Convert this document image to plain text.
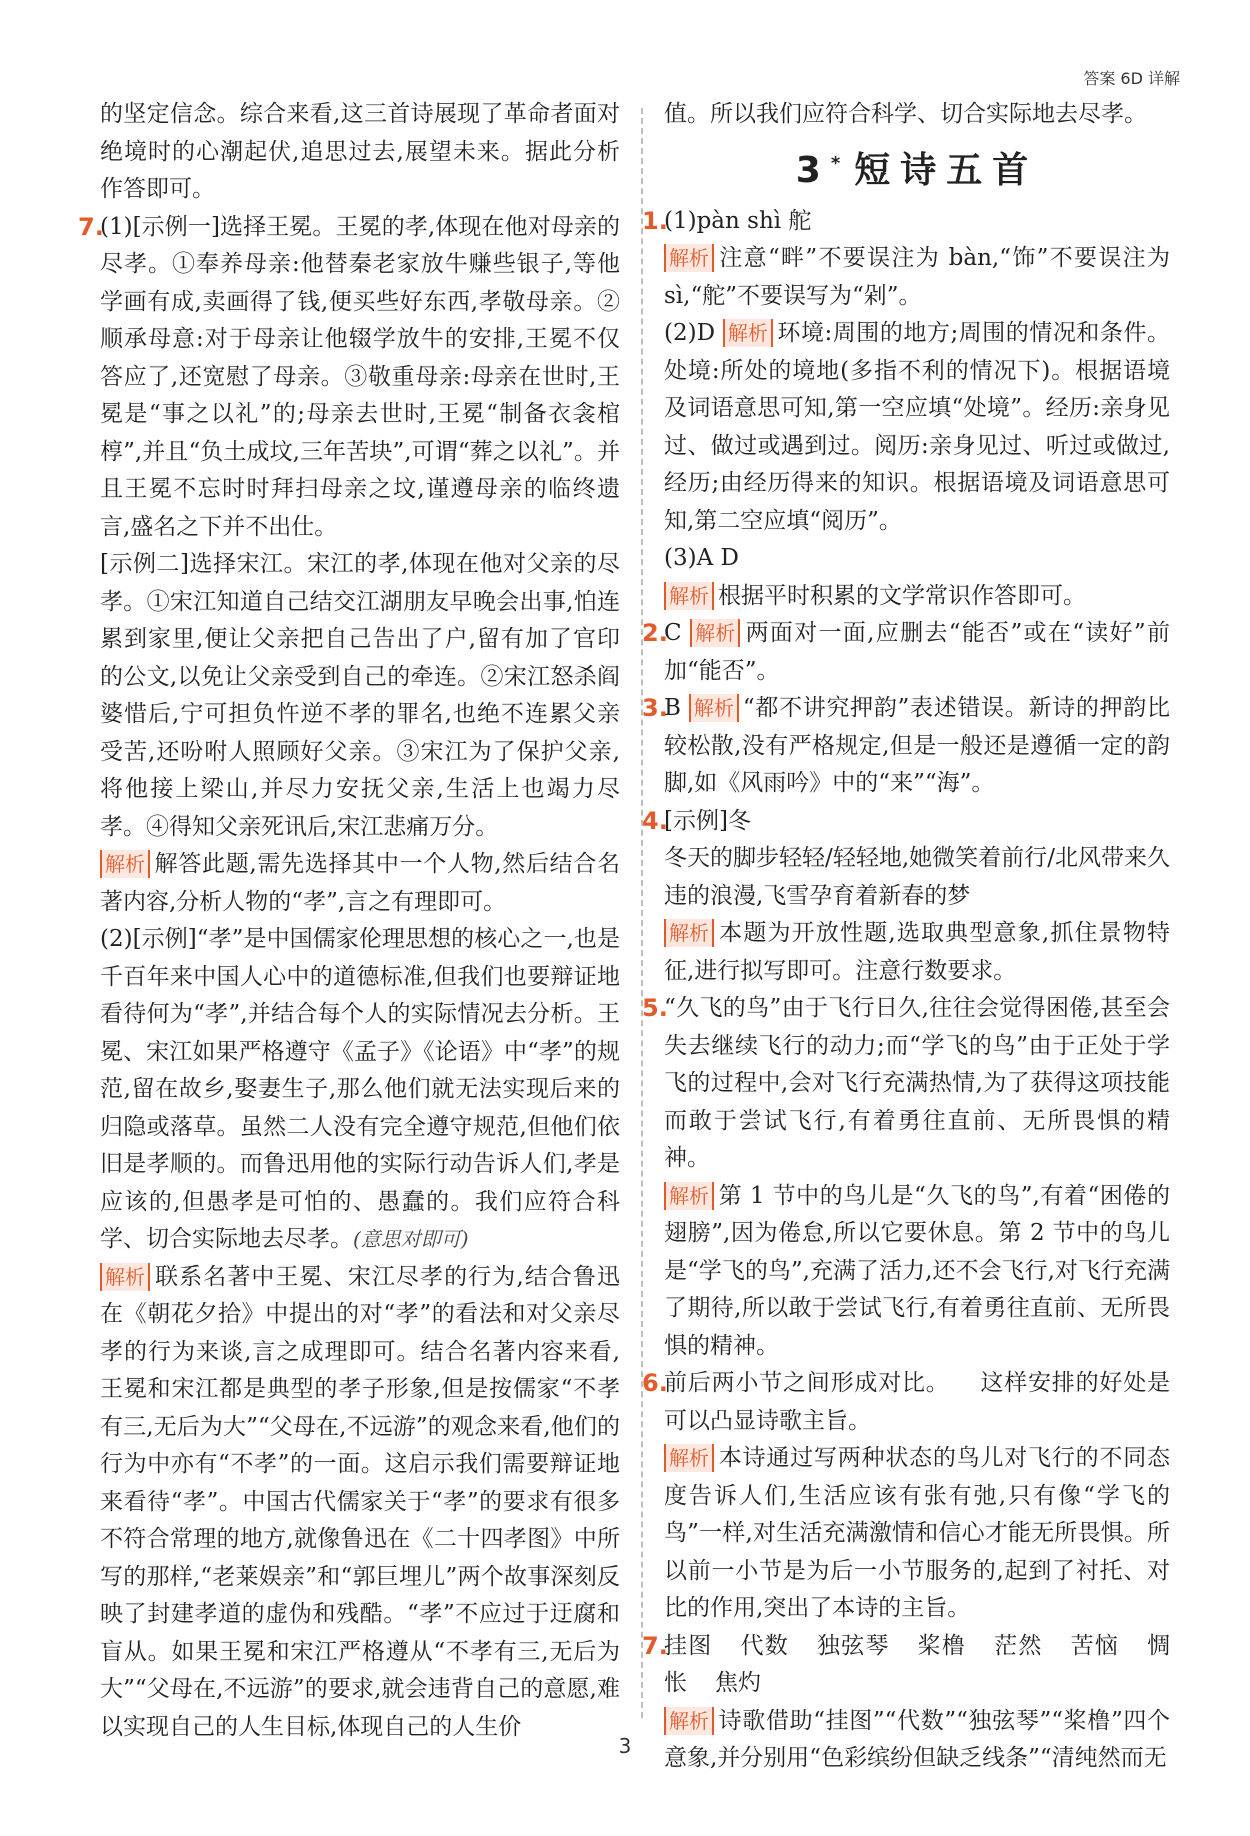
答案 6D 详解

的坚定信念。综合来看,这三首诗展现了革命者面对绝境时的心潮起伏,追思过去,展望未来。据此分析作答即可。

7.

(1)[示例一]选择王冕。王冕的孝,体现在他对母亲的尽孝。①奉养母亲:他替秦老家放牛赚些银子,等他学画有成,卖画得了钱,便买些好东西,孝敬母亲。②顺承母意:对于母亲让他辍学放牛的安排,王冕不仅答应了,还宽慰了母亲。③敬重母亲:母亲在世时,王冕是“事之以礼”的;母亲去世时,王冕“制备衣衾棺椁”,并且“负土成坟,三年苦块”,可谓“葬之以礼”。并且王冕不忘时时拜扫母亲之坟,谨遵母亲的临终遗言,盛名之下并不出仕。

[示例二]选择宋江。宋江的孝,体现在他对父亲的尽孝。①宋江知道自己结交江湖朋友早晚会出事,怕连累到家里,便让父亲把自己告出了户,留有加了官印的公文,以免让父亲受到自己的牵连。②宋江怒杀阎婆惜后,宁可担负忤逆不孝的罪名,也绝不连累父亲受苦,还吩咐人照顾好父亲。③宋江为了保护父亲,将他接上梁山,并尽力安抚父亲,生活上也竭力尽孝。④得知父亲死讯后,宋江悲痛万分。

解析 解答此题,需先选择其中一个人物,然后结合名著内容,分析人物的“孝”,言之有理即可。

(2)[示例]“孝”是中国儒家伦理思想的核心之一,也是千百年来中国人心中的道德标准,但我们也要辩证地看待何为“孝”,并结合每个人的实际情况去分析。王冕、宋江如果严格遵守《孟子》《论语》中“孝”的规范,留在故乡,娶妻生子,那么他们就无法实现后来的归隐或落草。虽然二人没有完全遵守规范,但他们依旧是孝顺的。而鲁迅用他的实际行动告诉人们,孝是应该的,但愚孝是可怕的、愚蠢的。我们应符合科学、切合实际地去尽孝。(意思对即可)

解析 联系名著中王冕、宋江尽孝的行为,结合鲁迅在《朝花夕拾》中提出的对“孝”的看法和对父亲尽孝的行为来谈,言之成理即可。结合名著内容来看,王冕和宋江都是典型的孝子形象,但是按儒家“不孝有三,无后为大”“父母在,不远游”的观念来看,他们的行为中亦有“不孝”的一面。这启示我们需要辩证地来看待“孝”。中国古代儒家关于“孝”的要求有很多不符合常理的地方,就像鲁迅在《二十四孝图》中所写的那样,“老莱娱亲”和“郭巨埋儿”两个故事深刻反映了封建孝道的虚伪和残酷。“孝”不应过于迂腐和盲从。如果王冕和宋江严格遵从“不孝有三,无后为大”“父母在,不远游”的要求,就会违背自己的意愿,难以实现自己的人生目标,体现自己的人生价

值。所以我们应符合科学、切合实际地去尽孝。

3* 短诗五首
1.

(1)pàn shì 舵

解析 注意“畔”不要误注为 bàn,“饰”不要误注为 sì,“舵”不要误写为“剁”。

(2)D 解析 环境:周围的地方;周围的情况和条件。处境:所处的境地(多指不利的情况下)。根据语境及词语意思可知,第一空应填“处境”。经历:亲身见过、做过或遇到过。阅历:亲身见过、听过或做过,经历;由经历得来的知识。根据语境及词语意思可知,第二空应填“阅历”。

(3)A D

解析 根据平时积累的文学常识作答即可。

2.

C 解析 两面对一面,应删去“能否”或在“读好”前加“能否”。

3.

B 解析 “都不讲究押韵”表述错误。新诗的押韵比较松散,没有严格规定,但是一般还是遵循一定的韵脚,如《风雨吟》中的“来”“海”。

4.

[示例]冬

冬天的脚步轻轻/轻轻地,她微笑着前行/北风带来久违的浪漫,飞雪孕育着新春的梦

解析 本题为开放性题,选取典型意象,抓住景物特征,进行拟写即可。注意行数要求。

5.

“久飞的鸟”由于飞行日久,往往会觉得困倦,甚至会失去继续飞行的动力;而“学飞的鸟”由于正处于学飞的过程中,会对飞行充满热情,为了获得这项技能而敢于尝试飞行,有着勇往直前、无所畏惧的精神。

解析 第 1 节中的鸟儿是“久飞的鸟”,有着“困倦的翅膀”,因为倦怠,所以它要休息。第 2 节中的鸟儿是“学飞的鸟”,充满了活力,还不会飞行,对飞行充满了期待,所以敢于尝试飞行,有着勇往直前、无所畏惧的精神。

6.

前后两小节之间形成对比。 这样安排的好处是可以凸显诗歌主旨。

解析 本诗通过写两种状态的鸟儿对飞行的不同态度告诉人们,生活应该有张有弛,只有像“学飞的鸟”一样,对生活充满激情和信心才能无所畏惧。所以前一小节是为后一小节服务的,起到了衬托、对比的作用,突出了本诗的主旨。

7.

挂图 代数 独弦琴 桨橹 茫然 苦恼 惆怅 焦灼

解析 诗歌借助“挂图”“代数”“独弦琴”“桨橹”四个意象,并分别用“色彩缤纷但缺乏线条”“清纯然而无

3
